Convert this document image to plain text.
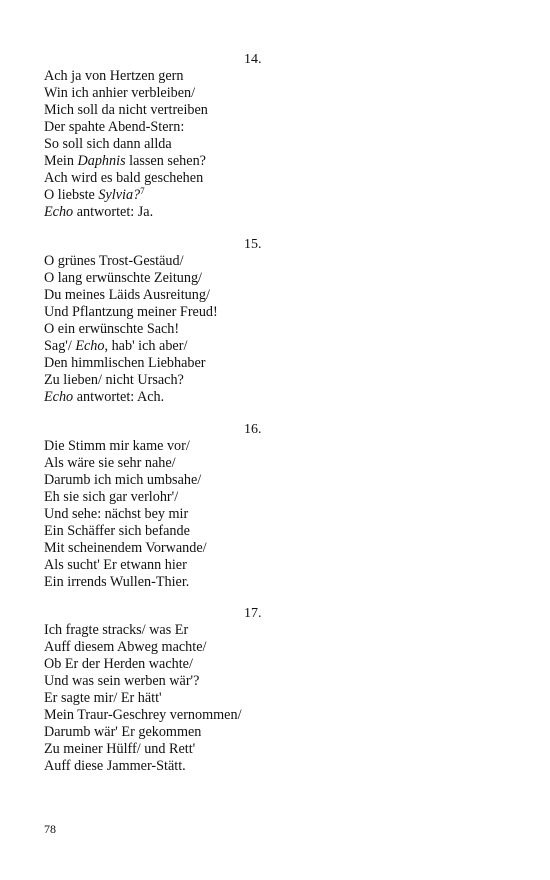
14.
Ach ja von Hertzen gern
Win ich anhier verbleiben/
Mich soll da nicht vertreiben
Der spahte Abend-Stern:
So soll sich dann allda
Mein Daphnis lassen sehen?
Ach wird es bald geschehen
O liebste Sylvia?$^7$
Echo antwortet: Ja.
15.
O grünes Trost-Gestäud/
O lang erwünschte Zeitung/
Du meines Läids Ausreitung/
Und Pflantzung meiner Freud!
O ein erwünschte Sach!
Sag'/ Echo, hab' ich aber/
Den himmlischen Liebhaber
Zu lieben/ nicht Ursach?
Echo antwortet: Ach.
16.
Die Stimm mir kame vor/
Als wäre sie sehr nahe/
Darumb ich mich umbsahe/
Eh sie sich gar verlohr'/
Und sehe: nächst bey mir
Ein Schäffer sich befande
Mit scheinendem Vorwande/
Als sucht' Er etwann hier
Ein irrends Wullen-Thier.
17.
Ich fragte stracks/ was Er
Auff diesem Abweg machte/
Ob Er der Herden wachte/
Und was sein werben wär'?
Er sagte mir/ Er hätt'
Mein Traur-Geschrey vernommen/
Darumb wär' Er gekommen
Zu meiner Hülff/ und Rett'
Auff diese Jammer-Stätt.
78
